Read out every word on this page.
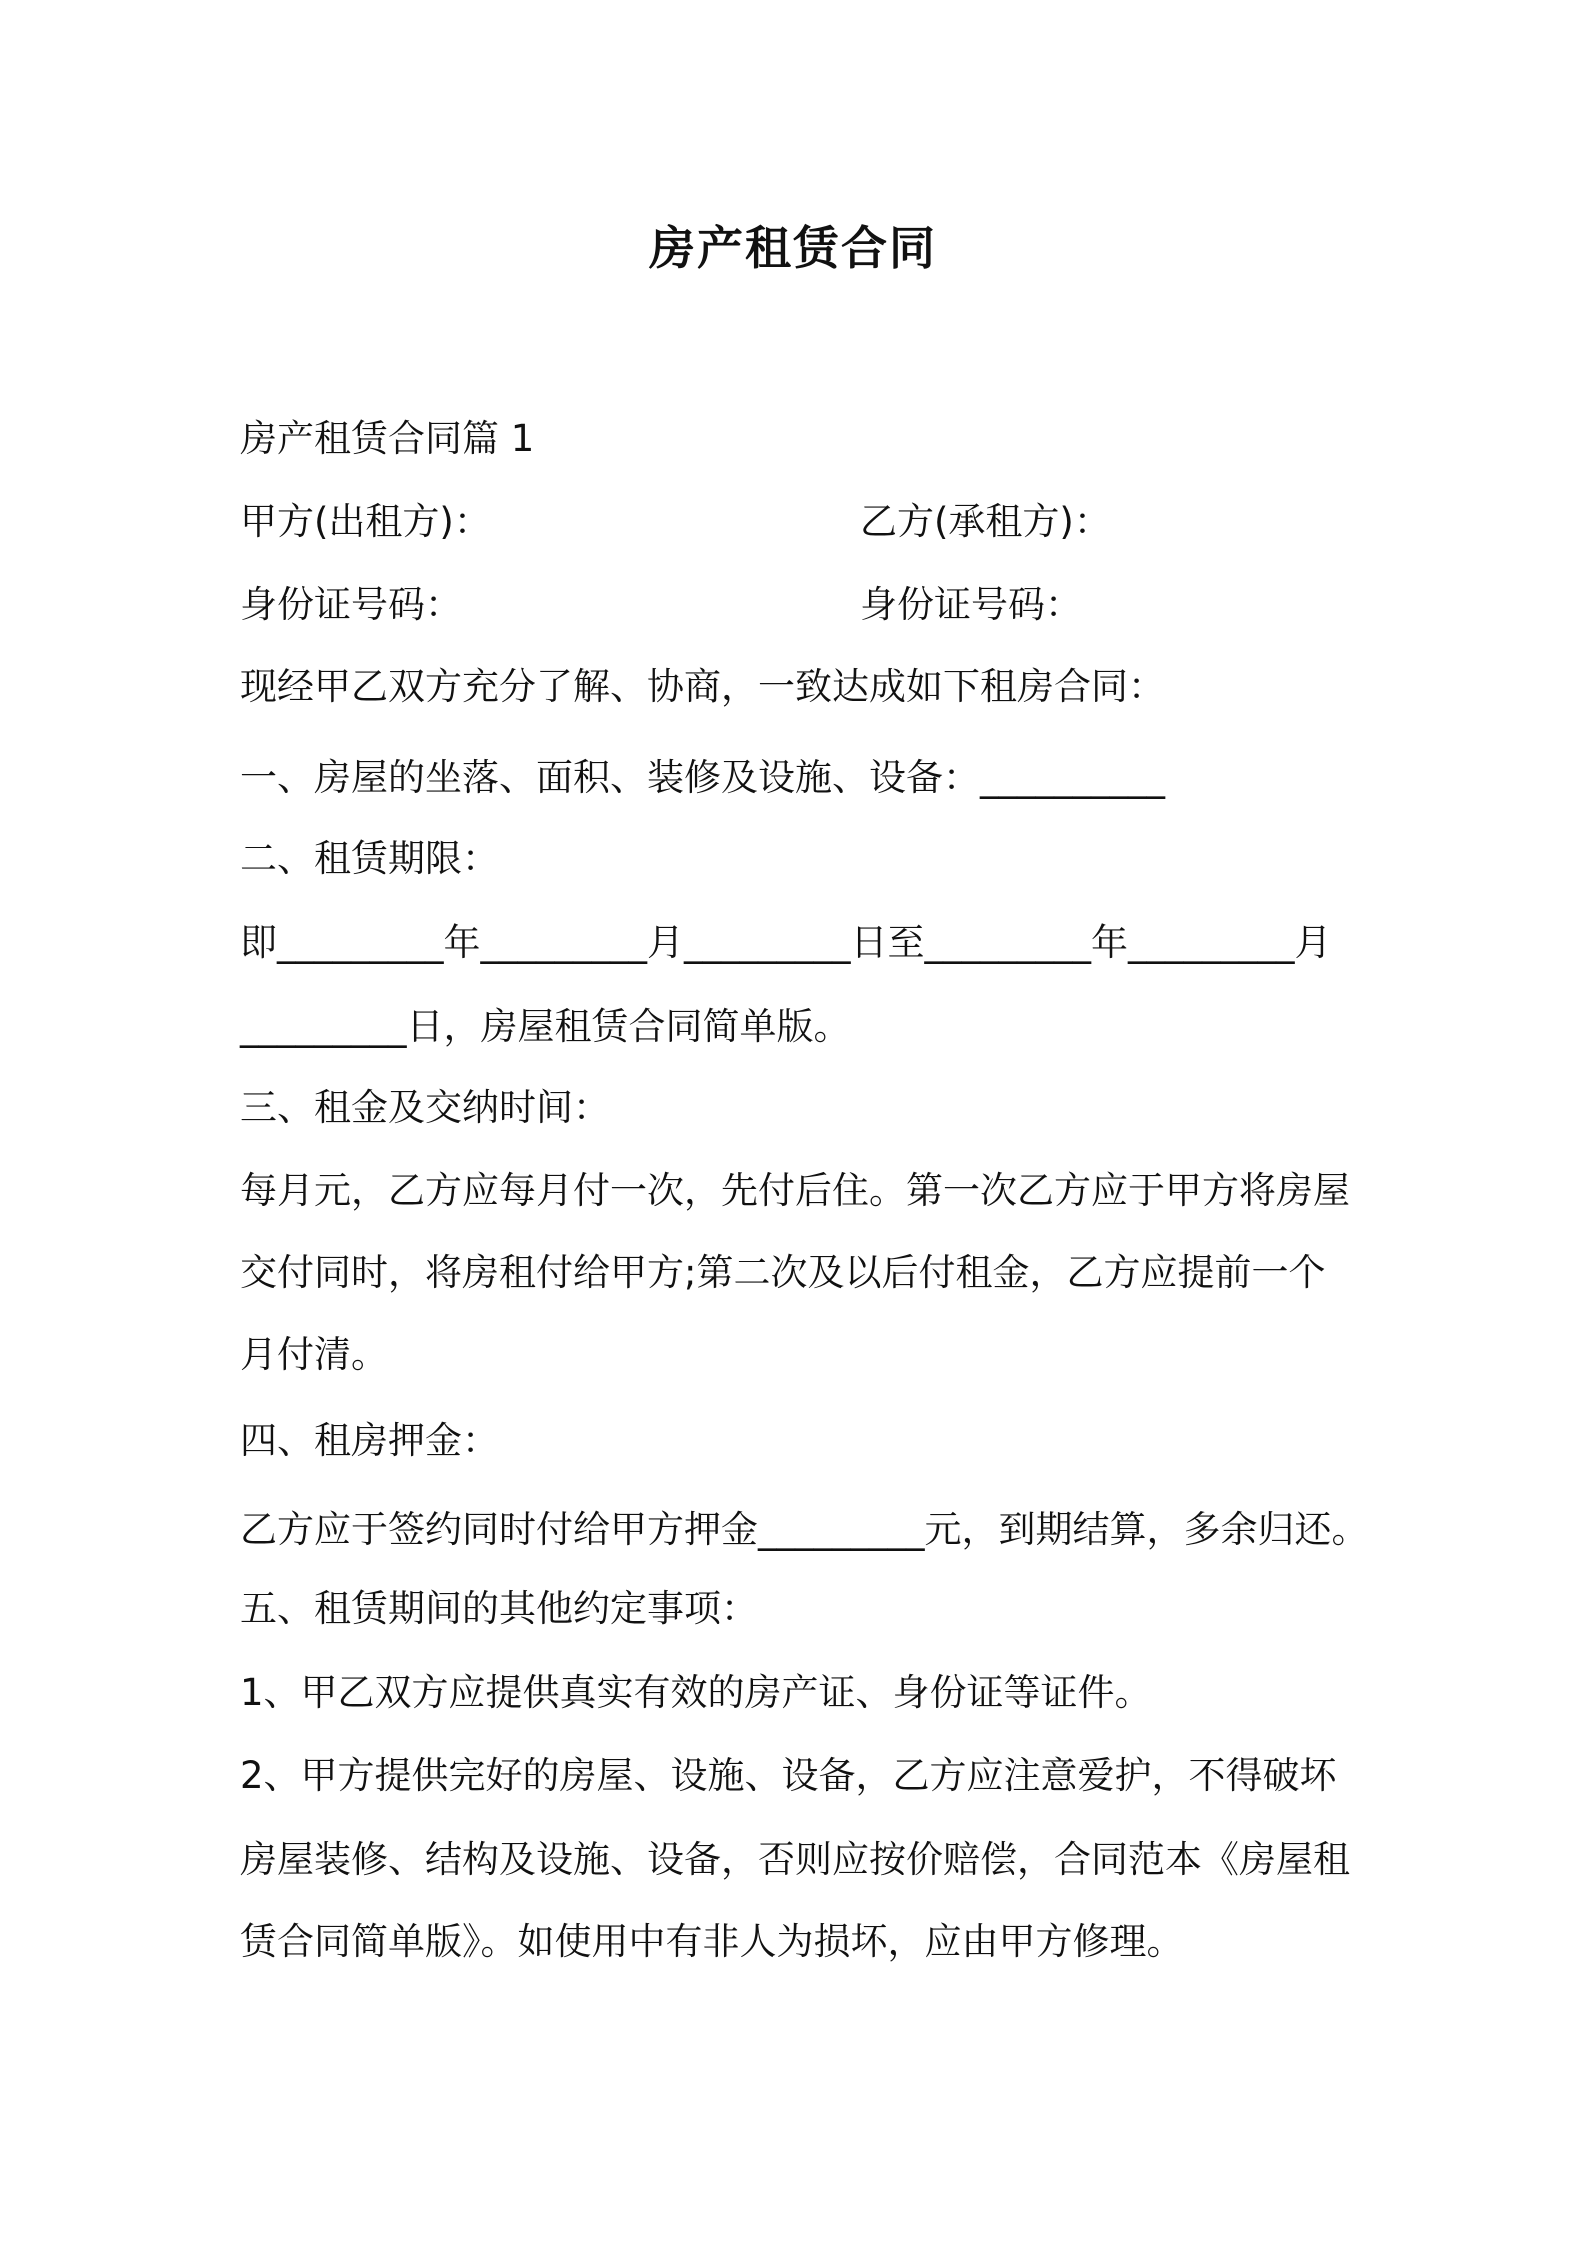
房产租赁合同
房产租赁合同篇 1
甲方(出租方)：	乙方(承租方)：
身份证号码：	身份证号码：
现经甲乙双方充分了解、协商，一致达成如下租房合同：
一、房屋的坐落、面积、装修及设施、设备：__________
二、租赁期限：
即_________年_________月_________日至_________年_________月
_________日，房屋租赁合同简单版。
三、租金及交纳时间：
每月元，乙方应每月付一次，先付后住。第一次乙方应于甲方将房屋
交付同时，将房租付给甲方;第二次及以后付租金，乙方应提前一个
月付清。
四、租房押金：
乙方应于签约同时付给甲方押金_________元，到期结算，多余归还。
五、租赁期间的其他约定事项：
1、甲乙双方应提供真实有效的房产证、身份证等证件。
2、甲方提供完好的房屋、设施、设备，乙方应注意爱护，不得破坏
房屋装修、结构及设施、设备，否则应按价赔偿，合同范本《房屋租
赁合同简单版》。如使用中有非人为损坏，应由甲方修理。
